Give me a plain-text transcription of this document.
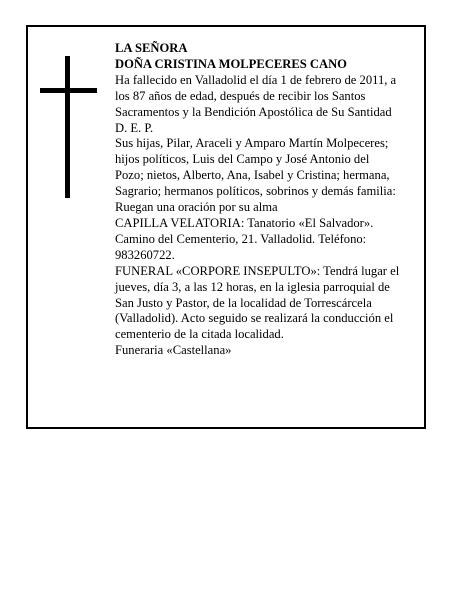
LA SEÑORA
DOÑA CRISTINA MOLPECERES CANO
Ha fallecido en Valladolid el día 1 de febrero de 2011, a
los 87 años de edad, después de recibir los Santos
Sacramentos y la Bendición Apostólica de Su Santidad
D. E. P.
Sus hijas, Pilar, Araceli y Amparo Martín Molpeceres;
hijos políticos, Luis del Campo y José Antonio del
Pozo; nietos, Alberto, Ana, Isabel y Cristina; hermana,
Sagrario; hermanos políticos, sobrinos y demás familia:
Ruegan una oración por su alma
CAPILLA VELATORIA: Tanatorio «El Salvador».
Camino del Cementerio, 21. Valladolid. Teléfono:
983260722.
FUNERAL «CORPORE INSEPULTO»: Tendrá lugar el
jueves, día 3, a las 12 horas, en la iglesia parroquial de
San Justo y Pastor, de la localidad de Torrescárcela
(Valladolid). Acto seguido se realizará la conducción el
cementerio de la citada localidad.
Funeraria «Castellana»
